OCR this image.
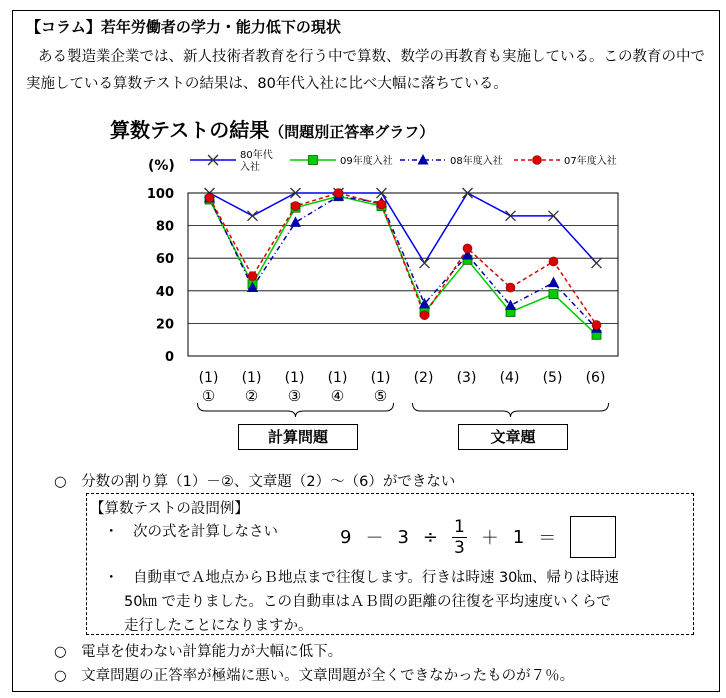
【コラム】若年労働者の学力・能力低下の現状
ある製造業企業では、新人技術者教育を行う中で算数、数学の再教育も実施している。この教育の中で実施している算数テストの結果は、80年代入社に比べ大幅に落ちている。
算数テストの結果（問題別正答率グラフ）
(%)
80年代
入社
09年度入社	08年度入社	07年度入社
0
20
40
60
80
100
(1)
①
(1)
②
(1)
③
(1)
④
(1)
⑤
(2) (3) (4) (5) (6)
計算問題	文章題
○　分数の割り算（1）－②、文章題（2）～（6）ができない
【算数テストの設問例】
・　次の式を計算しなさい	$9 - 3 \div \frac{1}{3} + 1$ ＝
・　自動車でＡ地点からＢ地点まで往復します。行きは時速 30㎞、帰りは時速
50㎞ で走りました。この自動車はＡＢ間の距離の往復を平均速度いくらで
走行したことになりますか。
○　電卓を使わない計算能力が大幅に低下。
○　文章問題の正答率が極端に悪い。文章問題が全くできなかったものが７％。
